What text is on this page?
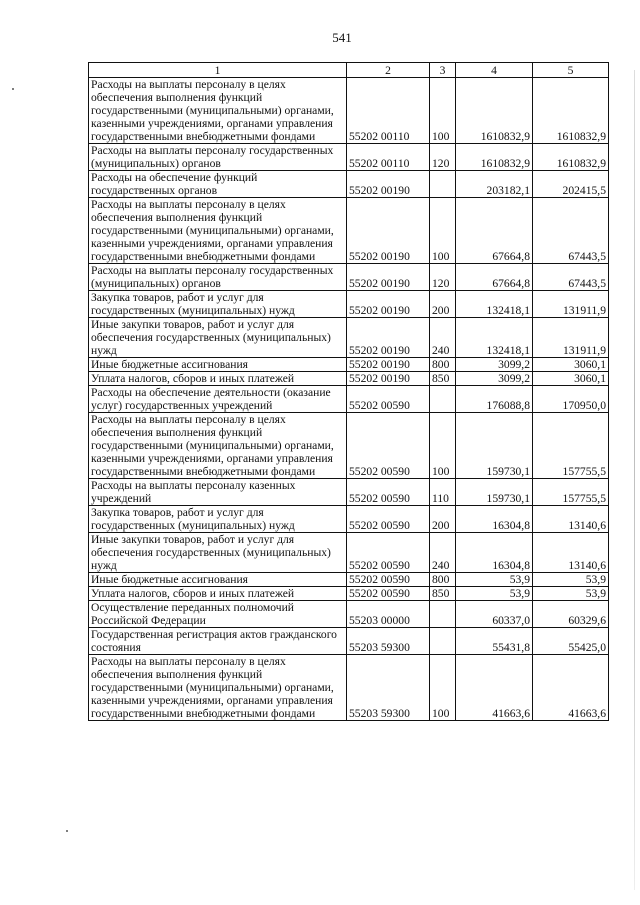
541
1	2	3	4	5
Расходы на выплаты персоналу в целях обеспечения выполнения функций государственными (муниципальными) органами, казенными учреждениями, органами управления государственными внебюджетными фондами	55202 00110	100	1610832,9	1610832,9
Расходы на выплаты персоналу государственных (муниципальных) органов	55202 00110	120	1610832,9	1610832,9
Расходы на обеспечение функций государственных органов	55202 00190		203182,1	202415,5
Расходы на выплаты персоналу в целях обеспечения выполнения функций государственными (муниципальными) органами, казенными учреждениями, органами управления государственными внебюджетными фондами	55202 00190	100	67664,8	67443,5
Расходы на выплаты персоналу государственных (муниципальных) органов	55202 00190	120	67664,8	67443,5
Закупка товаров, работ и услуг для государственных (муниципальных) нужд	55202 00190	200	132418,1	131911,9
Иные закупки товаров, работ и услуг для обеспечения государственных (муниципальных) нужд	55202 00190	240	132418,1	131911,9
Иные бюджетные ассигнования	55202 00190	800	3099,2	3060,1
Уплата налогов, сборов и иных платежей	55202 00190	850	3099,2	3060,1
Расходы на обеспечение деятельности (оказание услуг) государственных учреждений	55202 00590		176088,8	170950,0
Расходы на выплаты персоналу в целях обеспечения выполнения функций государственными (муниципальными) органами, казенными учреждениями, органами управления государственными внебюджетными фондами	55202 00590	100	159730,1	157755,5
Расходы на выплаты персоналу казенных учреждений	55202 00590	110	159730,1	157755,5
Закупка товаров, работ и услуг для государственных (муниципальных) нужд	55202 00590	200	16304,8	13140,6
Иные закупки товаров, работ и услуг для обеспечения государственных (муниципальных) нужд	55202 00590	240	16304,8	13140,6
Иные бюджетные ассигнования	55202 00590	800	53,9	53,9
Уплата налогов, сборов и иных платежей	55202 00590	850	53,9	53,9
Осуществление переданных полномочий Российской Федерации	55203 00000		60337,0	60329,6
Государственная регистрация актов гражданского состояния	55203 59300		55431,8	55425,0
Расходы на выплаты персоналу в целях обеспечения выполнения функций государственными (муниципальными) органами, казенными учреждениями, органами управления государственными внебюджетными фондами	55203 59300	100	41663,6	41663,6
